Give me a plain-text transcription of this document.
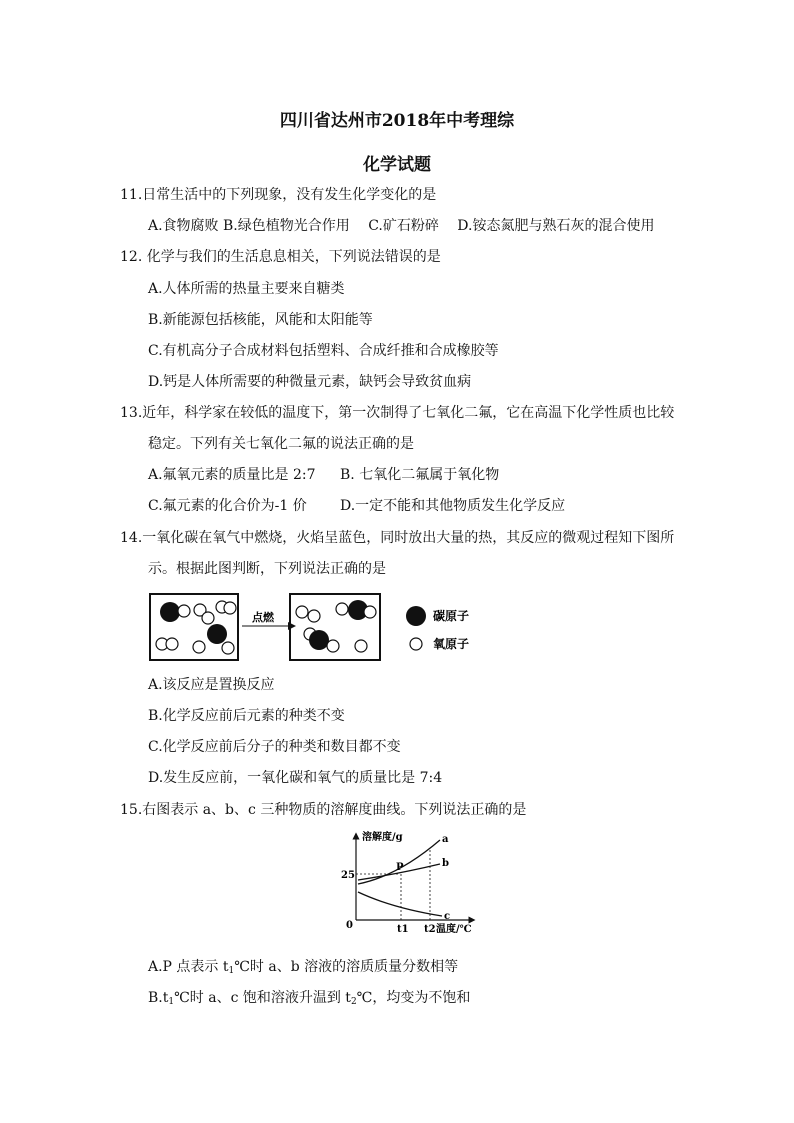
四川省达州市2018年中考理综
化学试题
11.日常生活中的下列现象，没有发生化学变化的是
A.食物腐败 B.绿色植物光合作用　 C.矿石粉碎　 D.铵态氮肥与熟石灰的混合使用
12. 化学与我们的生活息息相关，下列说法错误的是
A.人体所需的热量主要来自糖类
B.新能源包括核能，风能和太阳能等
C.有机高分子合成材料包括塑料、合成纤推和合成橡胶等
D.钙是人体所需要的种微量元素，缺钙会导致贫血病
13.近年，科学家在较低的温度下，第一次制得了七氧化二氟，它在高温下化学性质也比较
稳定。下列有关七氧化二氟的说法正确的是
A.氟氧元素的质量比是 2:7 B. 七氧化二氟属于氧化物
C.氟元素的化合价为-1 价 D.一定不能和其他物质发生化学反应
14.一氧化碳在氧气中燃烧，火焰呈蓝色，同时放出大量的热，其反应的微观过程知下图所
示。根据此图判断，下列说法正确的是
点燃	碳原子
氧原子
A.该反应是置换反应
B.化学反应前后元素的种类不变
C.化学反应前后分子的种类和数目都不变
D.发生反应前，一氧化碳和氧气的质量比是 7:4
15.右图表示 a、b、c 三种物质的溶解度曲线。下列说法正确的是
溶解度/g
0
25
a
b
c
P
t1 t2 温度/℃
A.P 点表示 $t_1℃$时 a、b 溶液的溶质质量分数相等
$B.t_1℃$时 a、c 饱和溶液升温到 $t_2℃$，均变为不饱和
